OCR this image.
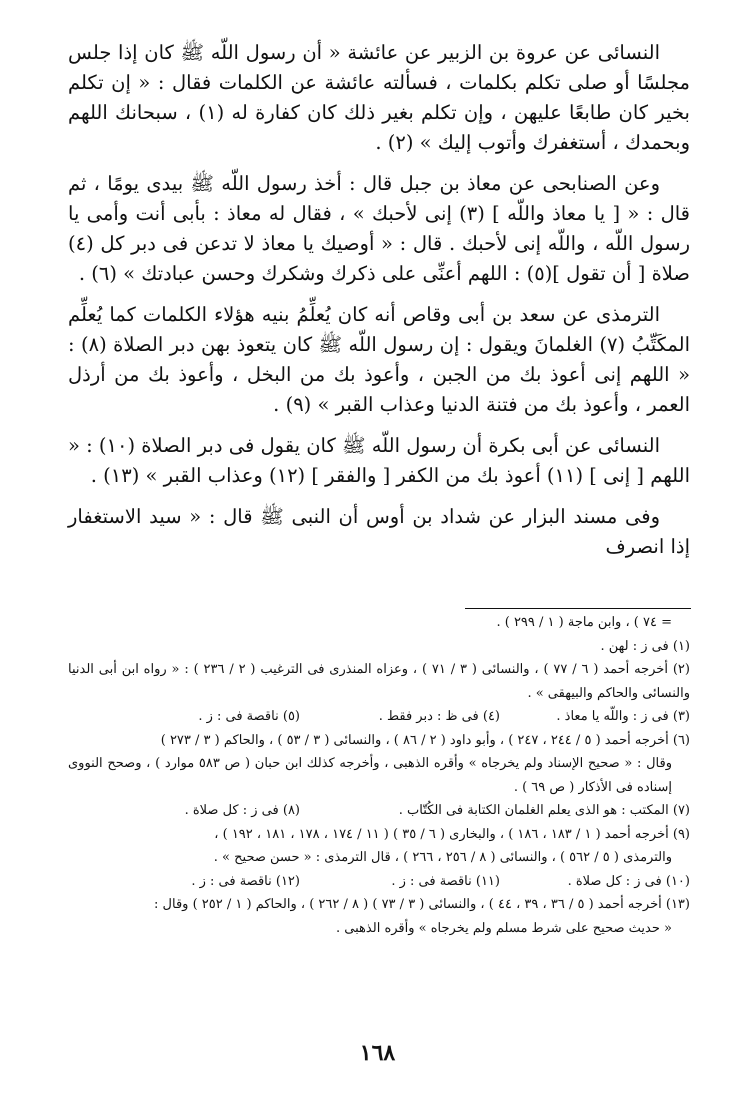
النسائى عن عروة بن الزبير عن عائشة « أن رسول اللّه ﷺ كان إذا جلس مجلسًا أو صلى تكلم بكلمات ، فسألته عائشة عن الكلمات فقال : « إن تكلم بخير كان طابعًا عليهن ، وإن تكلم بغير ذلك كان كفارة له (١) ، سبحانك اللهم وبحمدك ، أستغفرك وأتوب إليك » (٢) .

وعن الصنابحى عن معاذ بن جبل قال : أخذ رسول اللّه ﷺ بيدى يومًا ، ثم قال : « [ يا معاذ واللّه ] (٣) إنى لأحبك » ، فقال له معاذ : بأبى أنت وأمى يا رسول اللّه ، واللّه إنى لأحبك . قال : « أوصيك يا معاذ لا تدعن فى دبر كل (٤) صلاة [ أن تقول ](٥) : اللهم أعنِّى على ذكرك وشكرك وحسن عبادتك » (٦) .

الترمذى عن سعد بن أبى وقاص أنه كان يُعلِّمُ بنيه هؤلاء الكلمات كما يُعلِّم المكَتِّبُ (٧) الغلمانَ ويقول : إن رسول اللّه ﷺ كان يتعوذ بهن دبر الصلاة (٨) : « اللهم إنى أعوذ بك من الجبن ، وأعوذ بك من البخل ، وأعوذ بك من أرذل العمر ، وأعوذ بك من فتنة الدنيا وعذاب القبر » (٩) .

النسائى عن أبى بكرة أن رسول اللّه ﷺ كان يقول فى دبر الصلاة (١٠) : « اللهم [ إنى ] (١١) أعوذ بك من الكفر [ والفقر ] (١٢) وعذاب القبر » (١٣) .

وفى مسند البزار عن شداد بن أوس أن النبى ﷺ قال : « سيد الاستغفار إذا انصرف

= ٧٤ ) ، وابن ماجة ( ١ / ٢٩٩ ) .

(١) فى ز : لهن .

(٢) أخرجه أحمد ( ٦ / ٧٧ ) ، والنسائى ( ٣ / ٧١ ) ، وعزاه المنذرى فى الترغيب ( ٢ / ٢٣٦ ) : « رواه ابن أبى الدنيا والنسائى والحاكم والبيهقى » .

(٣) فى ز : واللّه يا معاذ .
(٤) فى ظ : دبر فقط .
(٥) ناقصة فى : ز .

(٦) أخرجه أحمد ( ٥ / ٢٤٤ ، ٢٤٧ ) ، وأبو داود ( ٢ / ٨٦ ) ، والنسائى ( ٣ / ٥٣ ) ، والحاكم ( ٣ / ٢٧٣ )

وقال : « صحيح الإسناد ولم يخرجاه » وأقره الذهبى ، وأخرجه كذلك ابن حبان ( ص ٥٨٣ موارد ) ، وصحح النووى إسناده فى الأذكار ( ص ٦٩ ) .

(٧) المكتب : هو الذى يعلم الغلمان الكتابة فى الكُتّاب .
(٨) فى ز : كل صلاة .

(٩) أخرجه أحمد ( ١ / ١٨٣ ، ١٨٦ ) ، والبخارى ( ٦ / ٣٥ ) ( ١١ / ١٧٤ ، ١٧٨ ، ١٨١ ، ١٩٢ ) ،

والترمذى ( ٥ / ٥٦٢ ) ، والنسائى ( ٨ / ٢٥٦ ، ٢٦٦ ) ، قال الترمذى : « حسن صحيح » .

(١٠) فى ز : كل صلاة .
(١١) ناقصة فى : ز .
(١٢) ناقصة فى : ز .

(١٣) أخرجه أحمد ( ٥ / ٣٦ ، ٣٩ ، ٤٤ ) ، والنسائى ( ٣ / ٧٣ ) ( ٨ / ٢٦٢ ) ، والحاكم ( ١ / ٢٥٢ ) وقال :

« حديث صحيح على شرط مسلم ولم يخرجاه » وأقره الذهبى .

١٦٨
